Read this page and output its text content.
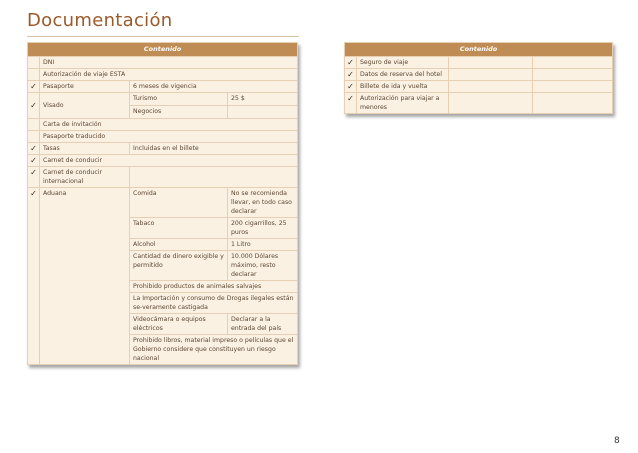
Documentación
Contenido			
	DNI		
	Autorización de viaje ESTA		
✓	Pasaporte	6 meses de vigencia	
✓	Visado	Turismo	25 $
		Negocios	
	Carta de invitación		
	Pasaporte traducido		
✓	Tasas	Incluidas en el billete	
✓	Carnet de conducir		
✓	Carnet de conducir internacional		
✓	Aduana	Comida	No se recomienda llevar, en todo caso declarar
		Tabaco	200 cigarrillos, 25 puros
		Alcohol	1 Litro
		Cantidad de dinero exigible y permitido	10.000 Dólares máximo, resto declarar
		Prohibido productos de animales salvajes	
		La Importación y consumo de Drogas ilegales están se-veramente castigada	
		Videocámara o equipos eléctricos	Declarar a la entrada del país
		Prohibido libros, material impreso o películas que el Gobierno considere que constituyen un riesgo nacional	
Contenido			
✓	Seguro de viaje		
✓	Datos de reserva del hotel		
✓	Billete de ida y vuelta		
✓	Autorización para viajar a menores		
8
